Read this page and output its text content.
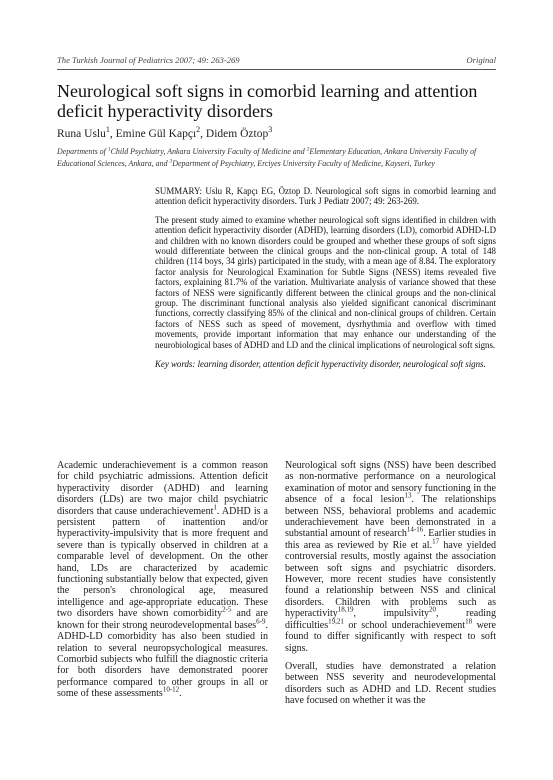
The Turkish Journal of Pediatrics 2007; 49: 263-269	Original
Neurological soft signs in comorbid learning and attention deficit hyperactivity disorders
Runa Uslu$^1$, Emine Gül Kapçı$^2$, Didem Öztop$^3$
Departments of $^1$Child Psychiatry, Ankara University Faculty of Medicine and $^2$Elementary Education, Ankara University Faculty of Educational Sciences, Ankara, and $^3$Department of Psychiatry, Erciyes University Faculty of Medicine, Kayseri, Turkey

SUMMARY: Uslu R, Kapçı EG, Öztop D. Neurological soft signs in comorbid learning and attention deficit hyperactivity disorders. Turk J Pediatr 2007; 49: 263-269.

The present study aimed to examine whether neurological soft signs identified in children with attention deficit hyperactivity disorder (ADHD), learning disorders (LD), comorbid ADHD-LD and children with no known disorders could be grouped and whether these groups of soft signs would differentiate between the clinical groups and the non-clinical group. A total of 148 children (114 boys, 34 girls) participated in the study, with a mean age of 8.84. The exploratory factor analysis for Neurological Examination for Subtle Signs (NESS) items revealed five factors, explaining 81.7% of the variation. Multivariate analysis of variance showed that these factors of NESS were significantly different between the clinical groups and the non-clinical group. The discriminant functional analysis also yielded significant canonical discriminant functions, correctly classifying 85% of the clinical and non-clinical groups of children. Certain factors of NESS such as speed of movement, dysrhythmia and overflow with timed movements, provide important information that may enhance our understanding of the neurobiological bases of ADHD and LD and the clinical implications of neurological soft signs.

Key words: learning disorder, attention deficit hyperactivity disorder, neurological soft signs.

Academic underachievement is a common reason for child psychiatric admissions. Attention deficit hyperactivity disorder (ADHD) and learning disorders (LDs) are two major child psychiatric disorders that cause underachievement$^1$. ADHD is a persistent pattern of inattention and/or hyperactivity-impulsivity that is more frequent and severe than is typically observed in children at a comparable level of development. On the other hand, LDs are characterized by academic functioning substantially below that expected, given the person's chronological age, measured intelligence and age-appropriate education. These two disorders have shown comorbidity$^{2-5}$ and are known for their strong neurodevelopmental bases$^{6-9}$. ADHD-LD comorbidity has also been studied in relation to several neuropsychological measures. Comorbid subjects who fulfill the diagnostic criteria for both disorders have demonstrated poorer performance compared to other groups in all or some of these assessments$^{10-12}$.

Neurological soft signs (NSS) have been described as non-normative performance on a neurological examination of motor and sensory functioning in the absence of a focal lesion$^{13}$. The relationships between NSS, behavioral problems and academic underachievement have been demonstrated in a substantial amount of research$^{14-16}$. Earlier studies in this area as reviewed by Rie et al.$^{17}$ have yielded controversial results, mostly against the association between soft signs and psychiatric disorders. However, more recent studies have consistently found a relationship between NSS and clinical disorders. Children with problems such as hyperactivity$^{18,19}$, impulsivity$^{20}$, reading difficulties$^{19,21}$ or school underachievement$^{18}$ were found to differ significantly with respect to soft signs.

Overall, studies have demonstrated a relation between NSS severity and neurodevelopmental disorders such as ADHD and LD. Recent studies have focused on whether it was the
